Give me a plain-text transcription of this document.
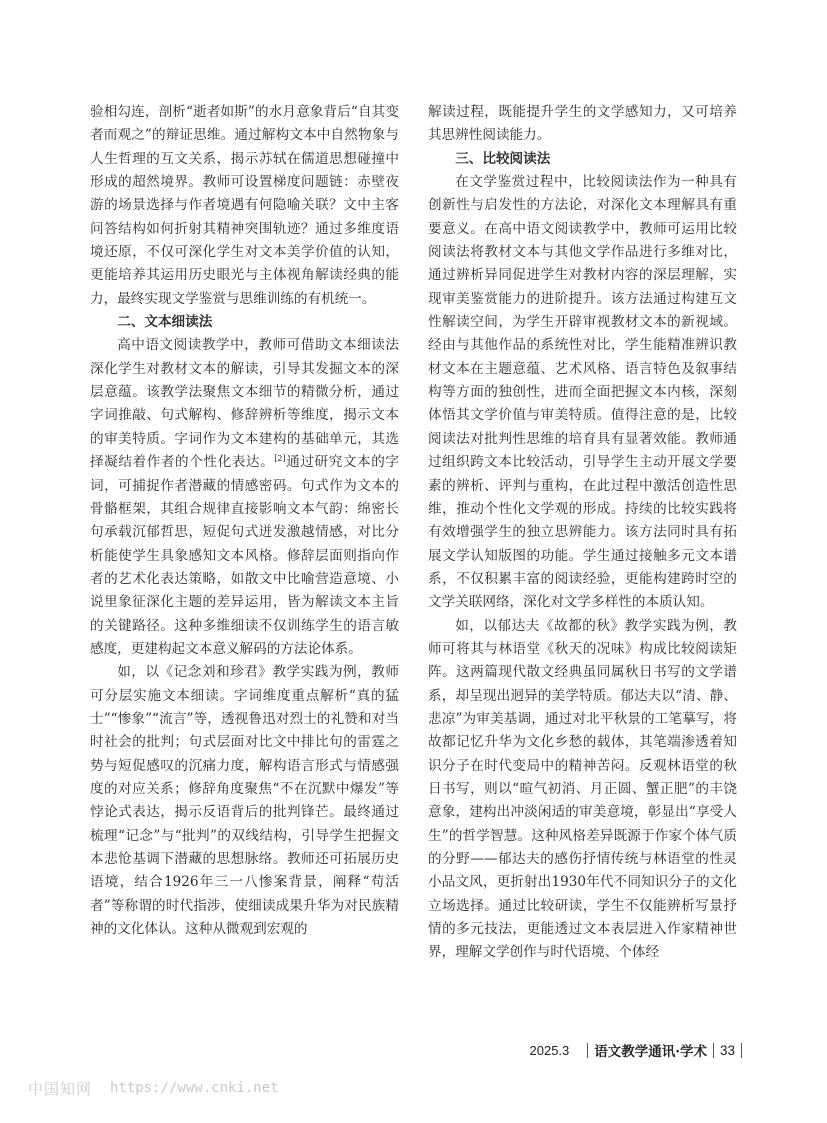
验相勾连，剖析“逝者如斯”的水月意象背后“自其变者而观之”的辩证思维。通过解构文本中自然物象与人生哲理的互文关系，揭示苏轼在儒道思想碰撞中形成的超然境界。教师可设置梯度问题链：赤壁夜游的场景选择与作者境遇有何隐喻关联？文中主客问答结构如何折射其精神突围轨迹？通过多维度语境还原，不仅可深化学生对文本美学价值的认知，更能培养其运用历史眼光与主体视角解读经典的能力，最终实现文学鉴赏与思维训练的有机统一。

二、文本细读法

高中语文阅读教学中，教师可借助文本细读法深化学生对教材文本的解读，引导其发掘文本的深层意蕴。该教学法聚焦文本细节的精微分析，通过字词推敲、句式解构、修辞辨析等维度，揭示文本的审美特质。字词作为文本建构的基础单元，其选择凝结着作者的个性化表达。[2]通过研究文本的字词，可捕捉作者潜藏的情感密码。句式作为文本的骨骼框架，其组合规律直接影响文本气韵：绵密长句承载沉郁哲思，短促句式迸发激越情感，对比分析能使学生具象感知文本风格。修辞层面则指向作者的艺术化表达策略，如散文中比喻营造意境、小说里象征深化主题的差异运用，皆为解读文本主旨的关键路径。这种多维细读不仅训练学生的语言敏感度，更建构起文本意义解码的方法论体系。

如，以《记念刘和珍君》教学实践为例，教师可分层实施文本细读。字词维度重点解析“真的猛士”“惨象”“流言”等，透视鲁迅对烈士的礼赞和对当时社会的批判；句式层面对比文中排比句的雷霆之势与短促感叹的沉痛力度，解构语言形式与情感强度的对应关系；修辞角度聚焦“不在沉默中爆发”等悖论式表达，揭示反语背后的批判锋芒。最终通过梳理“记念”与“批判”的双线结构，引导学生把握文本悲怆基调下潜藏的思想脉络。教师还可拓展历史语境，结合1926年三一八惨案背景，阐释“苟活者”等称谓的时代指涉，使细读成果升华为对民族精神的文化体认。这种从微观到宏观的

解读过程，既能提升学生的文学感知力，又可培养其思辨性阅读能力。

三、比较阅读法

在文学鉴赏过程中，比较阅读法作为一种具有创新性与启发性的方法论，对深化文本理解具有重要意义。在高中语文阅读教学中，教师可运用比较阅读法将教材文本与其他文学作品进行多维对比，通过辨析异同促进学生对教材内容的深层理解，实现审美鉴赏能力的进阶提升。该方法通过构建互文性解读空间，为学生开辟审视教材文本的新视域。经由与其他作品的系统性对比，学生能精准辨识教材文本在主题意蕴、艺术风格、语言特色及叙事结构等方面的独创性，进而全面把握文本内核，深刻体悟其文学价值与审美特质。值得注意的是，比较阅读法对批判性思维的培育具有显著效能。教师通过组织跨文本比较活动，引导学生主动开展文学要素的辨析、评判与重构，在此过程中激活创造性思维，推动个性化文学观的形成。持续的比较实践将有效增强学生的独立思辨能力。该方法同时具有拓展文学认知版图的功能。学生通过接触多元文本谱系，不仅积累丰富的阅读经验，更能构建跨时空的文学关联网络，深化对文学多样性的本质认知。

如，以郁达夫《故都的秋》教学实践为例，教师可将其与林语堂《秋天的况味》构成比较阅读矩阵。这两篇现代散文经典虽同属秋日书写的文学谱系，却呈现出迥异的美学特质。郁达夫以“清、静、悲凉”为审美基调，通过对北平秋景的工笔摹写，将故都记忆升华为文化乡愁的载体，其笔端渗透着知识分子在时代变局中的精神苦闷。反观林语堂的秋日书写，则以“暄气初消、月正圆、蟹正肥”的丰饶意象，建构出冲淡闲适的审美意境，彰显出“享受人生”的哲学智慧。这种风格差异既源于作家个体气质的分野——郁达夫的感伤抒情传统与林语堂的性灵小品文风，更折射出1930年代不同知识分子的文化立场选择。通过比较研读，学生不仅能辨析写景抒情的多元技法，更能透过文本表层进入作家精神世界，理解文学创作与时代语境、个体经

2025.3 语文教学通讯·学术 33
中国知网 https://www.cnki.net
